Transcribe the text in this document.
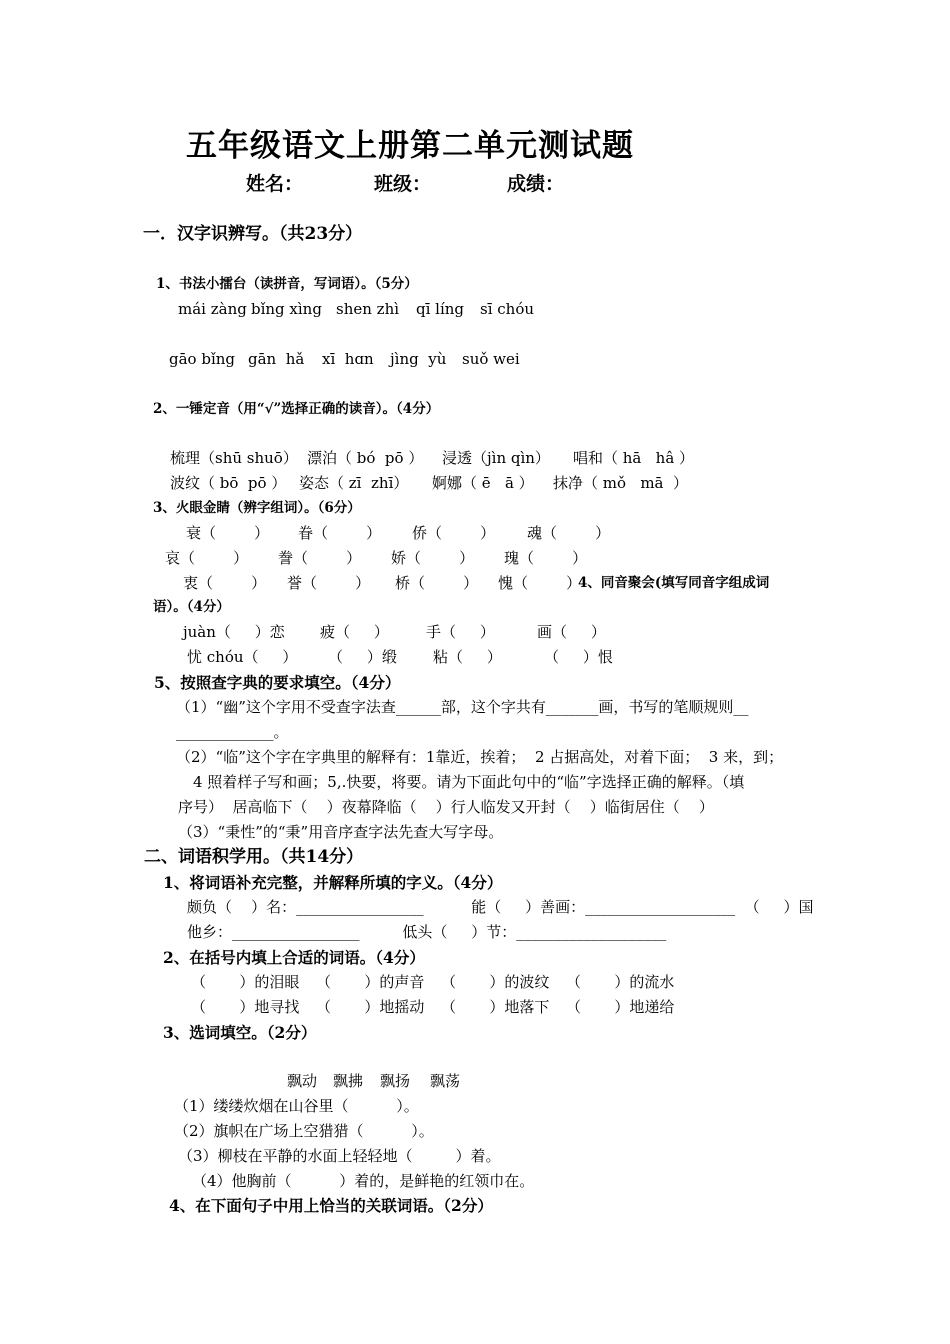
五年级语文上册第二单元测试题
姓名：	班级：	成绩：
一．汉字识辨写。（共23分）
1、书法小擂台（读拼音，写词语）。（5分）
mái zàng bǐng xìng shen zhì qī líng sī chóu
gāo bǐng gān  hǎ xī  hɑn jìng  yù suǒ wei
2、一锤定音（用“√”选择正确的读音）。（4分）
梳理（shū shuō） 漂泊（ bó  pō ） 浸透（jìn qìn） 唱和（ hā   hâ ）
波纹（ bō  pō ） 姿态（ zī  zhī） 婀娜（ ē   ā ） 抹净（ mǒ   mā  ）
3、火眼金睛（辨字组词）。（6分）
衰（        ） 眷（        ） 侨（        ） 魂（        ）
哀（        ） 誊（        ） 娇（        ） 瑰（        ）
衷（        ） 誉（        ） 桥（        ） 愧（        ）
4、同音聚会(填写同音字组成词
语）。（4分）
juàn（     ）恋 疲（     ） 手（     ）	画（     ）
忧 chóu（     ） （     ）缎 粘（     ）	（     ）恨
5、按照查字典的要求填空。（4分）
（1）“幽”这个字用不受查字法查______部，这个字共有_______画，书写的笔顺规则__
_____________。
（2）“临”这个字在字典里的解释有：1靠近，挨着；  2 占据高处，对着下面；  3 来，到；
4 照着样子写和画；5,.快要，将要。请为下面此句中的“临”字选择正确的解释。（填
序号）  居高临下（    ）夜幕降临（    ）行人临发又开封（    ）临街居住（    ）
（3）“秉性”的“秉”用音序查字法先查大写字母。
二、词语积学用。（共14分）
1、将词语补充完整，并解释所填的字义。（4分）
颇负（    ）名：_________________          能（     ）善画：____________________  （     ）国
他乡：_________________         低头（     ）节：____________________
2、在括号内填上合适的词语。（4分）
（       ）的泪眼 （       ）的声音 （       ）的波纹 （       ）的流水
（       ）地寻找 （       ）地摇动 （       ）地落下 （       ）地递给
3、选词填空。（2分）
飘动 飘拂 飘扬 飘荡
（1）缕缕炊烟在山谷里（          ）。
（2）旗帜在广场上空猎猎（          ）。
（3）柳枝在平静的水面上轻轻地（         ）着。
（4）他胸前（          ）着的，是鲜艳的红领巾在。
4、在下面句子中用上恰当的关联词语。（2分）
